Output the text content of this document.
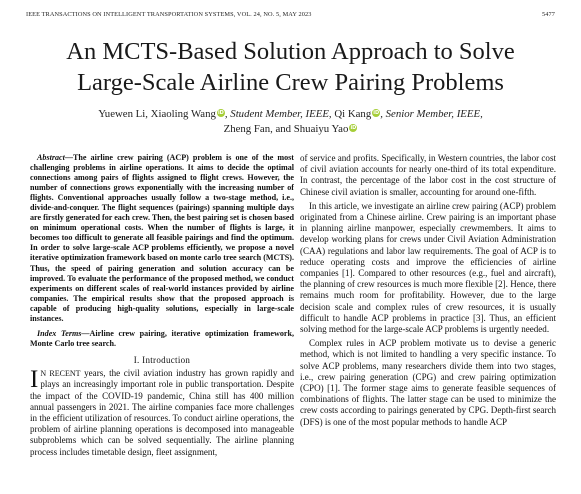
IEEE TRANSACTIONS ON INTELLIGENT TRANSPORTATION SYSTEMS, VOL. 24, NO. 5, MAY 2023	5477
An MCTS-Based Solution Approach to Solve
Large-Scale Airline Crew Pairing Problems
Yuewen Li, Xiaoling Wang iD, Student Member, IEEE, Qi Kang iD, Senior Member, IEEE,
Zheng Fan, and Shuaiyu Yao iD

Abstract—The airline crew pairing (ACP) problem is one of the most challenging problems in airline operations. It aims to decide the optimal connections among pairs of flights assigned to flight crews. However, the number of connections grows exponentially with the increasing number of flights. Conventional approaches usually follow a two-stage method, i.e., divide-and-conquer. The flight sequences (pairings) spanning multiple days are firstly generated for each crew. Then, the best pairing set is chosen based on minimum operational costs. When the number of flights is large, it becomes too difficult to generate all feasible pairings and find the optimum. In order to solve large-scale ACP problems efficiently, we propose a novel iterative optimization framework based on monte carlo tree search (MCTS). Thus, the speed of pairing generation and solution accuracy can be improved. To evaluate the performance of the proposed method, we conduct experiments on different scales of real-world instances provided by airline companies. The empirical results show that the proposed approach is capable of producing high-quality solutions, especially in large-scale instances.

Index Terms—Airline crew pairing, iterative optimization framework, Monte Carlo tree search.

I. Introduction

IN RECENT years, the civil aviation industry has grown rapidly and plays an increasingly important role in public transportation. Despite the impact of the COVID-19 pandemic, China still has 400 million annual passengers in 2021. The airline companies face more challenges in the efficient utilization of resources. To conduct airline operations, the problem of airline planning operations is decomposed into manageable subproblems which can be solved sequentially. The airline planning process includes timetable design, fleet assignment,

of service and profits. Specifically, in Western countries, the labor cost of civil aviation accounts for nearly one-third of its total expenditure. In contrast, the percentage of the labor cost in the cost structure of Chinese civil aviation is smaller, accounting for around one-fifth.

In this article, we investigate an airline crew pairing (ACP) problem originated from a Chinese airline. Crew pairing is an important phase in planning airline manpower, especially crewmembers. It aims to develop working plans for crews under Civil Aviation Administration (CAA) regulations and labor law requirements. The goal of ACP is to reduce operating costs and improve the efficiencies of airline companies [1]. Compared to other resources (e.g., fuel and aircraft), the planning of crew resources is much more flexible [2]. Hence, there remains much room for profitability. However, due to the large decision scale and complex rules of crew resources, it is usually difficult to handle ACP problems in practice [3]. Thus, an efficient solving method for the large-scale ACP problems is urgently needed.

Complex rules in ACP problem motivate us to devise a generic method, which is not limited to handling a very specific instance. To solve ACP problems, many researchers divide them into two stages, i.e., crew pairing generation (CPG) and crew pairing optimization (CPO) [1]. The former stage aims to generate feasible sequences of combinations of flights. The latter stage can be used to minimize the crew costs according to pairings generated by CPG. Depth-first search (DFS) is one of the most popular methods to handle ACP
